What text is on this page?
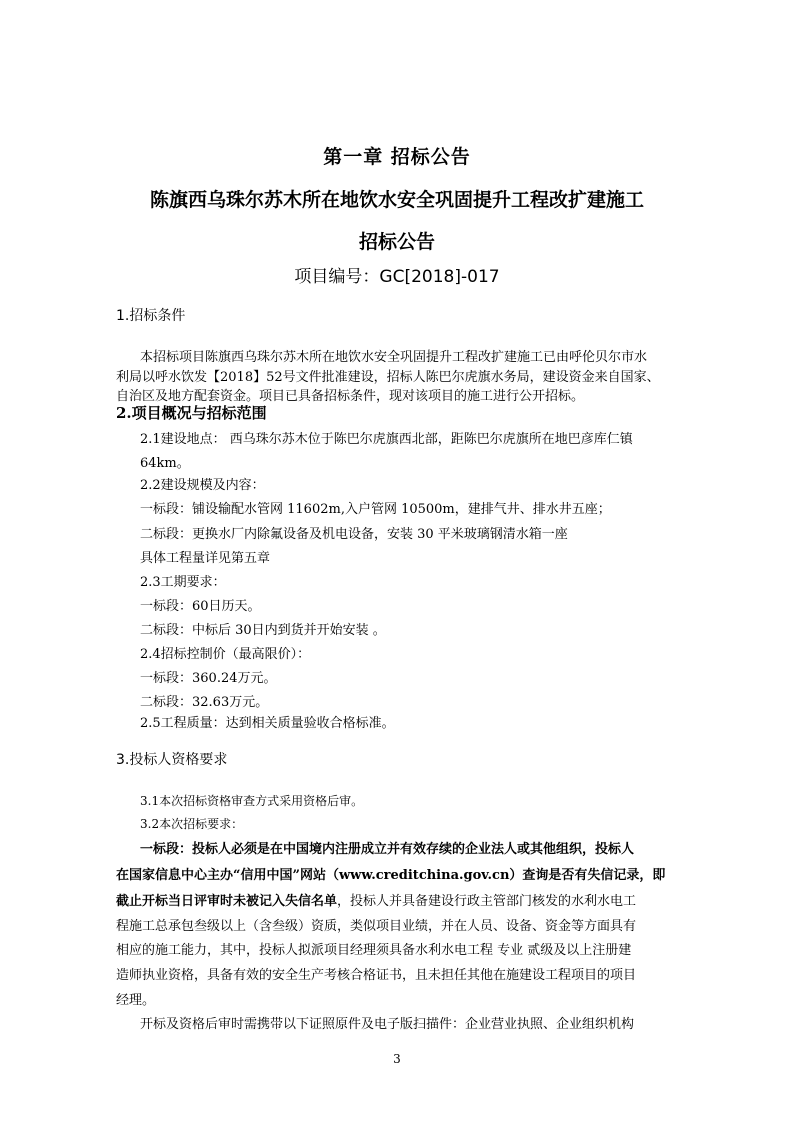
第一章 招标公告
陈旗西乌珠尔苏木所在地饮水安全巩固提升工程改扩建施工
招标公告
项目编号：GC[2018]-017
1.招标条件
本招标项目陈旗西乌珠尔苏木所在地饮水安全巩固提升工程改扩建施工已由呼伦贝尔市水
利局以呼水饮发【2018】52号文件批准建设，招标人陈巴尔虎旗水务局，建设资金来自国家、
自治区及地方配套资金。项目已具备招标条件，现对该项目的施工进行公开招标。
2.项目概况与招标范围
2.1建设地点： 西乌珠尔苏木位于陈巴尔虎旗西北部，距陈巴尔虎旗所在地巴彦库仁镇
64km。
2.2建设规模及内容：
一标段：铺设输配水管网 11602m,入户管网 10500m，建排气井、排水井五座；
二标段：更换水厂内除氟设备及机电设备，安装 30 平米玻璃钢清水箱一座
具体工程量详见第五章
2.3工期要求：
一标段：60日历天。
二标段：中标后 30日内到货并开始安装 。
2.4招标控制价（最高限价）：
一标段：360.24万元。
二标段：32.63万元。
2.5工程质量：达到相关质量验收合格标准。
3.投标人资格要求
3.1本次招标资格审查方式采用资格后审。
3.2本次招标要求：
一标段：投标人必须是在中国境内注册成立并有效存续的企业法人或其他组织，投标人
在国家信息中心主办“信用中国”网站（www.creditchina.gov.cn）查询是否有失信记录，即
截止开标当日评审时未被记入失信名单，投标人并具备建设行政主管部门核发的水利水电工
程施工总承包叁级以上（含叁级）资质，类似项目业绩，并在人员、设备、资金等方面具有
相应的施工能力，其中，投标人拟派项目经理须具备水利水电工程 专业 贰级及以上注册建
造师执业资格，具备有效的安全生产考核合格证书，且未担任其他在施建设工程项目的项目
经理。
开标及资格后审时需携带以下证照原件及电子版扫描件：企业营业执照、企业组织机构
3
